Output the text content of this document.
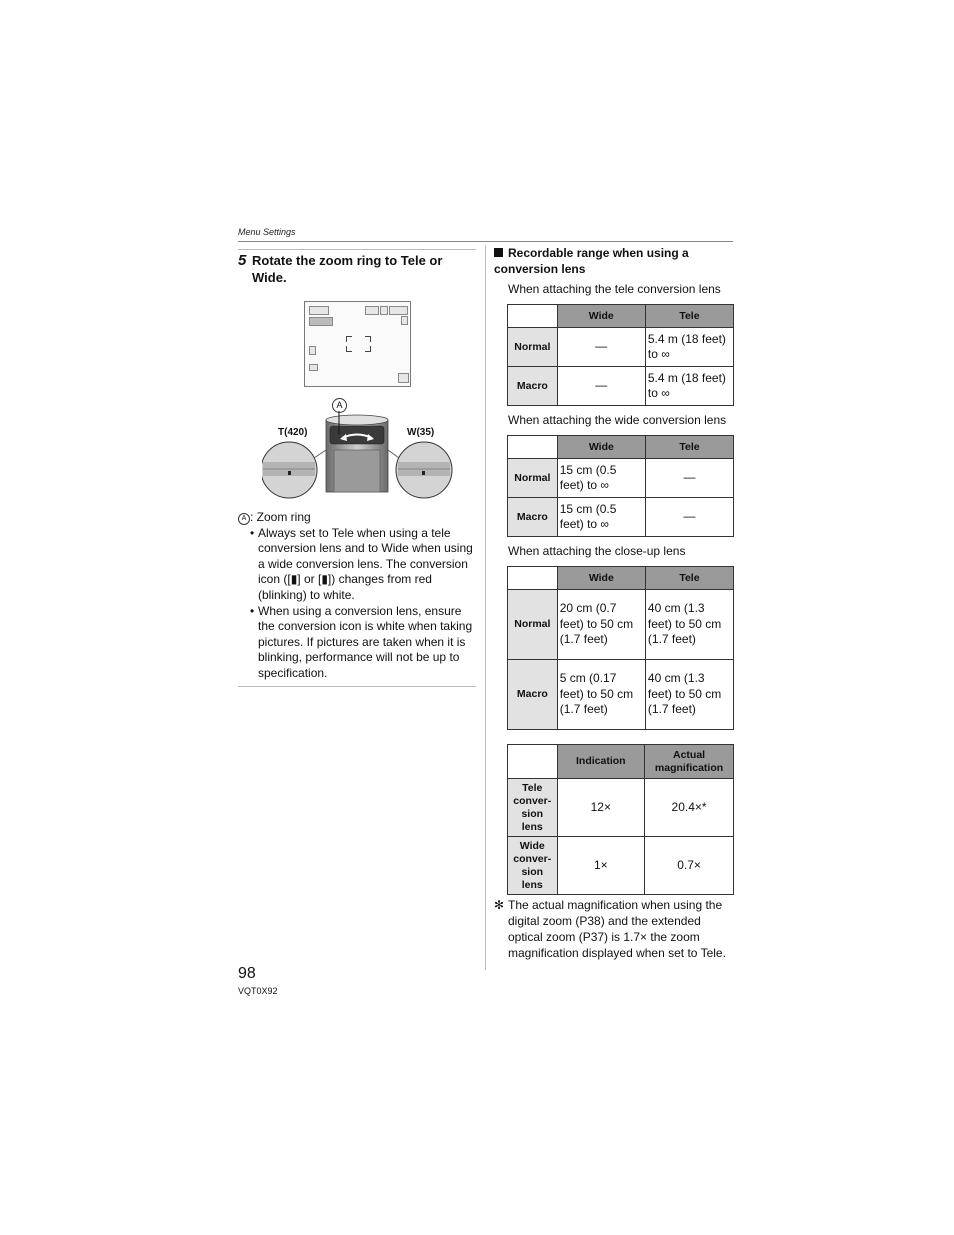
Menu Settings
5 Rotate the zoom ring to Tele or Wide.
A
T(420)	W(35)
A : Zoom ring
• Always set to Tele when using a tele conversion lens and to Wide when using a wide conversion lens. The conversion icon ([▮] or [▮]) changes from red (blinking) to white.
• When using a conversion lens, ensure the conversion icon is white when taking pictures. If pictures are taken when it is blinking, performance will not be up to specification.
Recordable range when using a conversion lens
When attaching the tele conversion lens
	Wide	Tele
Normal	—	5.4 m (18 feet) to ∞
Macro	—	5.4 m (18 feet) to ∞
When attaching the wide conversion lens
	Wide	Tele
Normal	15 cm (0.5 feet) to ∞	—
Macro	15 cm (0.5 feet) to ∞	—
When attaching the close-up lens
	Wide	Tele
Normal	20 cm (0.7 feet) to 50 cm (1.7 feet)	40 cm (1.3 feet) to 50 cm (1.7 feet)
Macro	5 cm (0.17 feet) to 50 cm (1.7 feet)	40 cm (1.3 feet) to 50 cm (1.7 feet)
	Indication	Actual magnification
Tele conver- sion lens	12×	20.4×*
Wide conver- sion lens	1×	0.7×
✻ The actual magnification when using the digital zoom (P38) and the extended optical zoom (P37) is 1.7× the zoom magnification displayed when set to Tele.
98
VQT0X92
